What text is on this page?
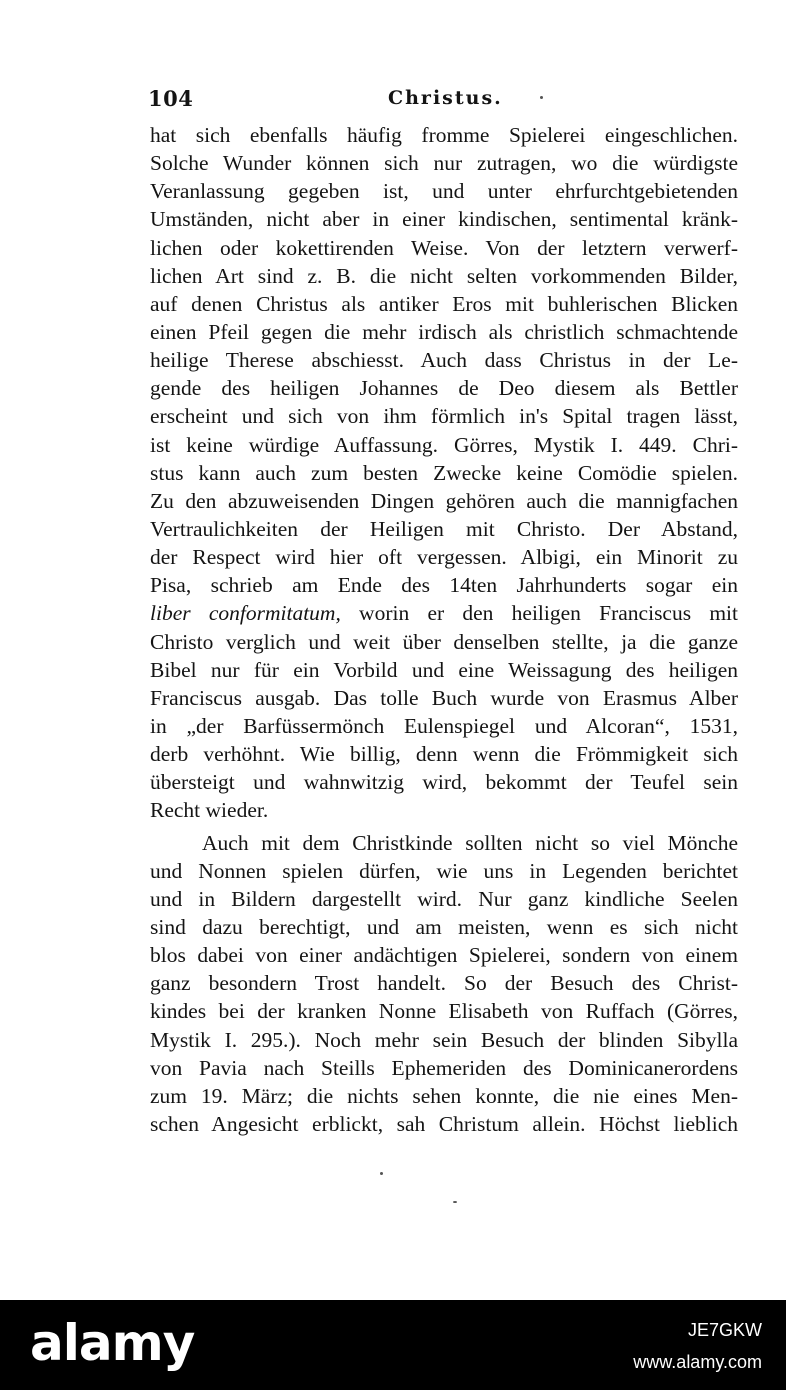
104	Christus.
hat sich ebenfalls häufig fromme Spielerei eingeschlichen.
Solche Wunder können sich nur zutragen, wo die würdigste
Veranlassung gegeben ist, und unter ehrfurchtgebietenden
Umständen, nicht aber in einer kindischen, sentimental kränk-
lichen oder kokettirenden Weise. Von der letztern verwerf-
lichen Art sind z. B. die nicht selten vorkommenden Bilder,
auf denen Christus als antiker Eros mit buhlerischen Blicken
einen Pfeil gegen die mehr irdisch als christlich schmachtende
heilige Therese abschiesst. Auch dass Christus in der Le-
gende des heiligen Johannes de Deo diesem als Bettler
erscheint und sich von ihm förmlich in's Spital tragen lässt,
ist keine würdige Auffassung. Görres, Mystik I. 449. Chri-
stus kann auch zum besten Zwecke keine Comödie spielen.
Zu den abzuweisenden Dingen gehören auch die mannigfachen
Vertraulichkeiten der Heiligen mit Christo. Der Abstand,
der Respect wird hier oft vergessen. Albigi, ein Minorit zu
Pisa, schrieb am Ende des 14ten Jahrhunderts sogar ein
liber conformitatum, worin er den heiligen Franciscus mit
Christo verglich und weit über denselben stellte, ja die ganze
Bibel nur für ein Vorbild und eine Weissagung des heiligen
Franciscus ausgab. Das tolle Buch wurde von Erasmus Alber
in „der Barfüssermönch Eulenspiegel und Alcoran“, 1531,
derb verhöhnt. Wie billig, denn wenn die Frömmigkeit sich
übersteigt und wahnwitzig wird, bekommt der Teufel sein
Recht wieder.
Auch mit dem Christkinde sollten nicht so viel Mönche
und Nonnen spielen dürfen, wie uns in Legenden berichtet
und in Bildern dargestellt wird. Nur ganz kindliche Seelen
sind dazu berechtigt, und am meisten, wenn es sich nicht
blos dabei von einer andächtigen Spielerei, sondern von einem
ganz besondern Trost handelt. So der Besuch des Christ-
kindes bei der kranken Nonne Elisabeth von Ruffach (Görres,
Mystik I. 295.). Noch mehr sein Besuch der blinden Sibylla
von Pavia nach Steills Ephemeriden des Dominicanerordens
zum 19. März; die nichts sehen konnte, die nie eines Men-
schen Angesicht erblickt, sah Christum allein. Höchst lieblich
alamy	JE7GKW
www.alamy.com
